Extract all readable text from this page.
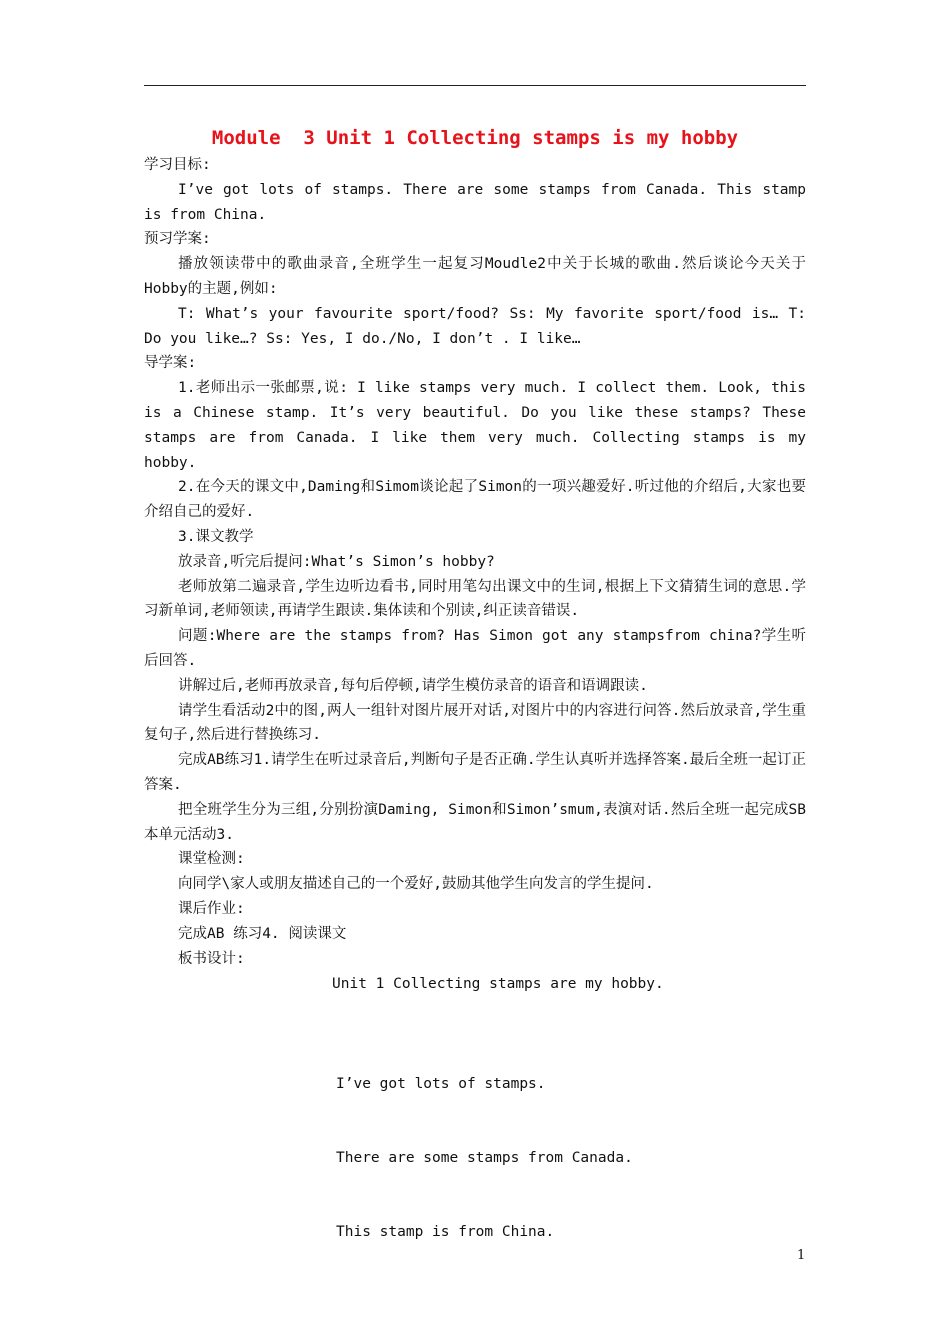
Module  3 Unit 1 Collecting stamps is my hobby

学习目标:

I’ve got lots of stamps. There are some stamps from Canada. This stamp is from China.

预习学案:

播放领读带中的歌曲录音,全班学生一起复习Moudle2中关于长城的歌曲.然后谈论今天关于Hobby的主题,例如:

T: What’s your favourite sport/food? Ss: My favorite sport/food is… T: Do you like…? Ss: Yes, I do./No, I don’t . I like…

导学案:

1.老师出示一张邮票,说: I like stamps very much. I collect them. Look, this is a Chinese stamp. It’s very beautiful. Do you like these stamps? These stamps are from Canada. I like them very much. Collecting stamps is my hobby.

2.在今天的课文中,Daming和Simom谈论起了Simon的一项兴趣爱好.听过他的介绍后,大家也要介绍自己的爱好.

3.课文教学

放录音,听完后提问:What’s Simon’s hobby?

老师放第二遍录音,学生边听边看书,同时用笔勾出课文中的生词,根据上下文猜猜生词的意思.学习新单词,老师领读,再请学生跟读.集体读和个别读,纠正读音错误.

问题:Where are the stamps from? Has Simon got any stampsfrom china?学生听后回答.

讲解过后,老师再放录音,每句后停顿,请学生模仿录音的语音和语调跟读.

请学生看活动2中的图,两人一组针对图片展开对话,对图片中的内容进行问答.然后放录音,学生重复句子,然后进行替换练习.

完成AB练习1.请学生在听过录音后,判断句子是否正确.学生认真听并选择答案.最后全班一起订正答案.

把全班学生分为三组,分别扮演Daming, Simon和Simon’smum,表演对话.然后全班一起完成SB本单元活动3.

课堂检测:

向同学\家人或朋友描述自己的一个爱好,鼓励其他学生向发言的学生提问.

课后作业:

完成AB 练习4. 阅读课文

板书设计:

Unit 1 Collecting stamps are my hobby.

I’ve got lots of stamps.

There are some stamps from Canada.

This stamp is from China.

1
